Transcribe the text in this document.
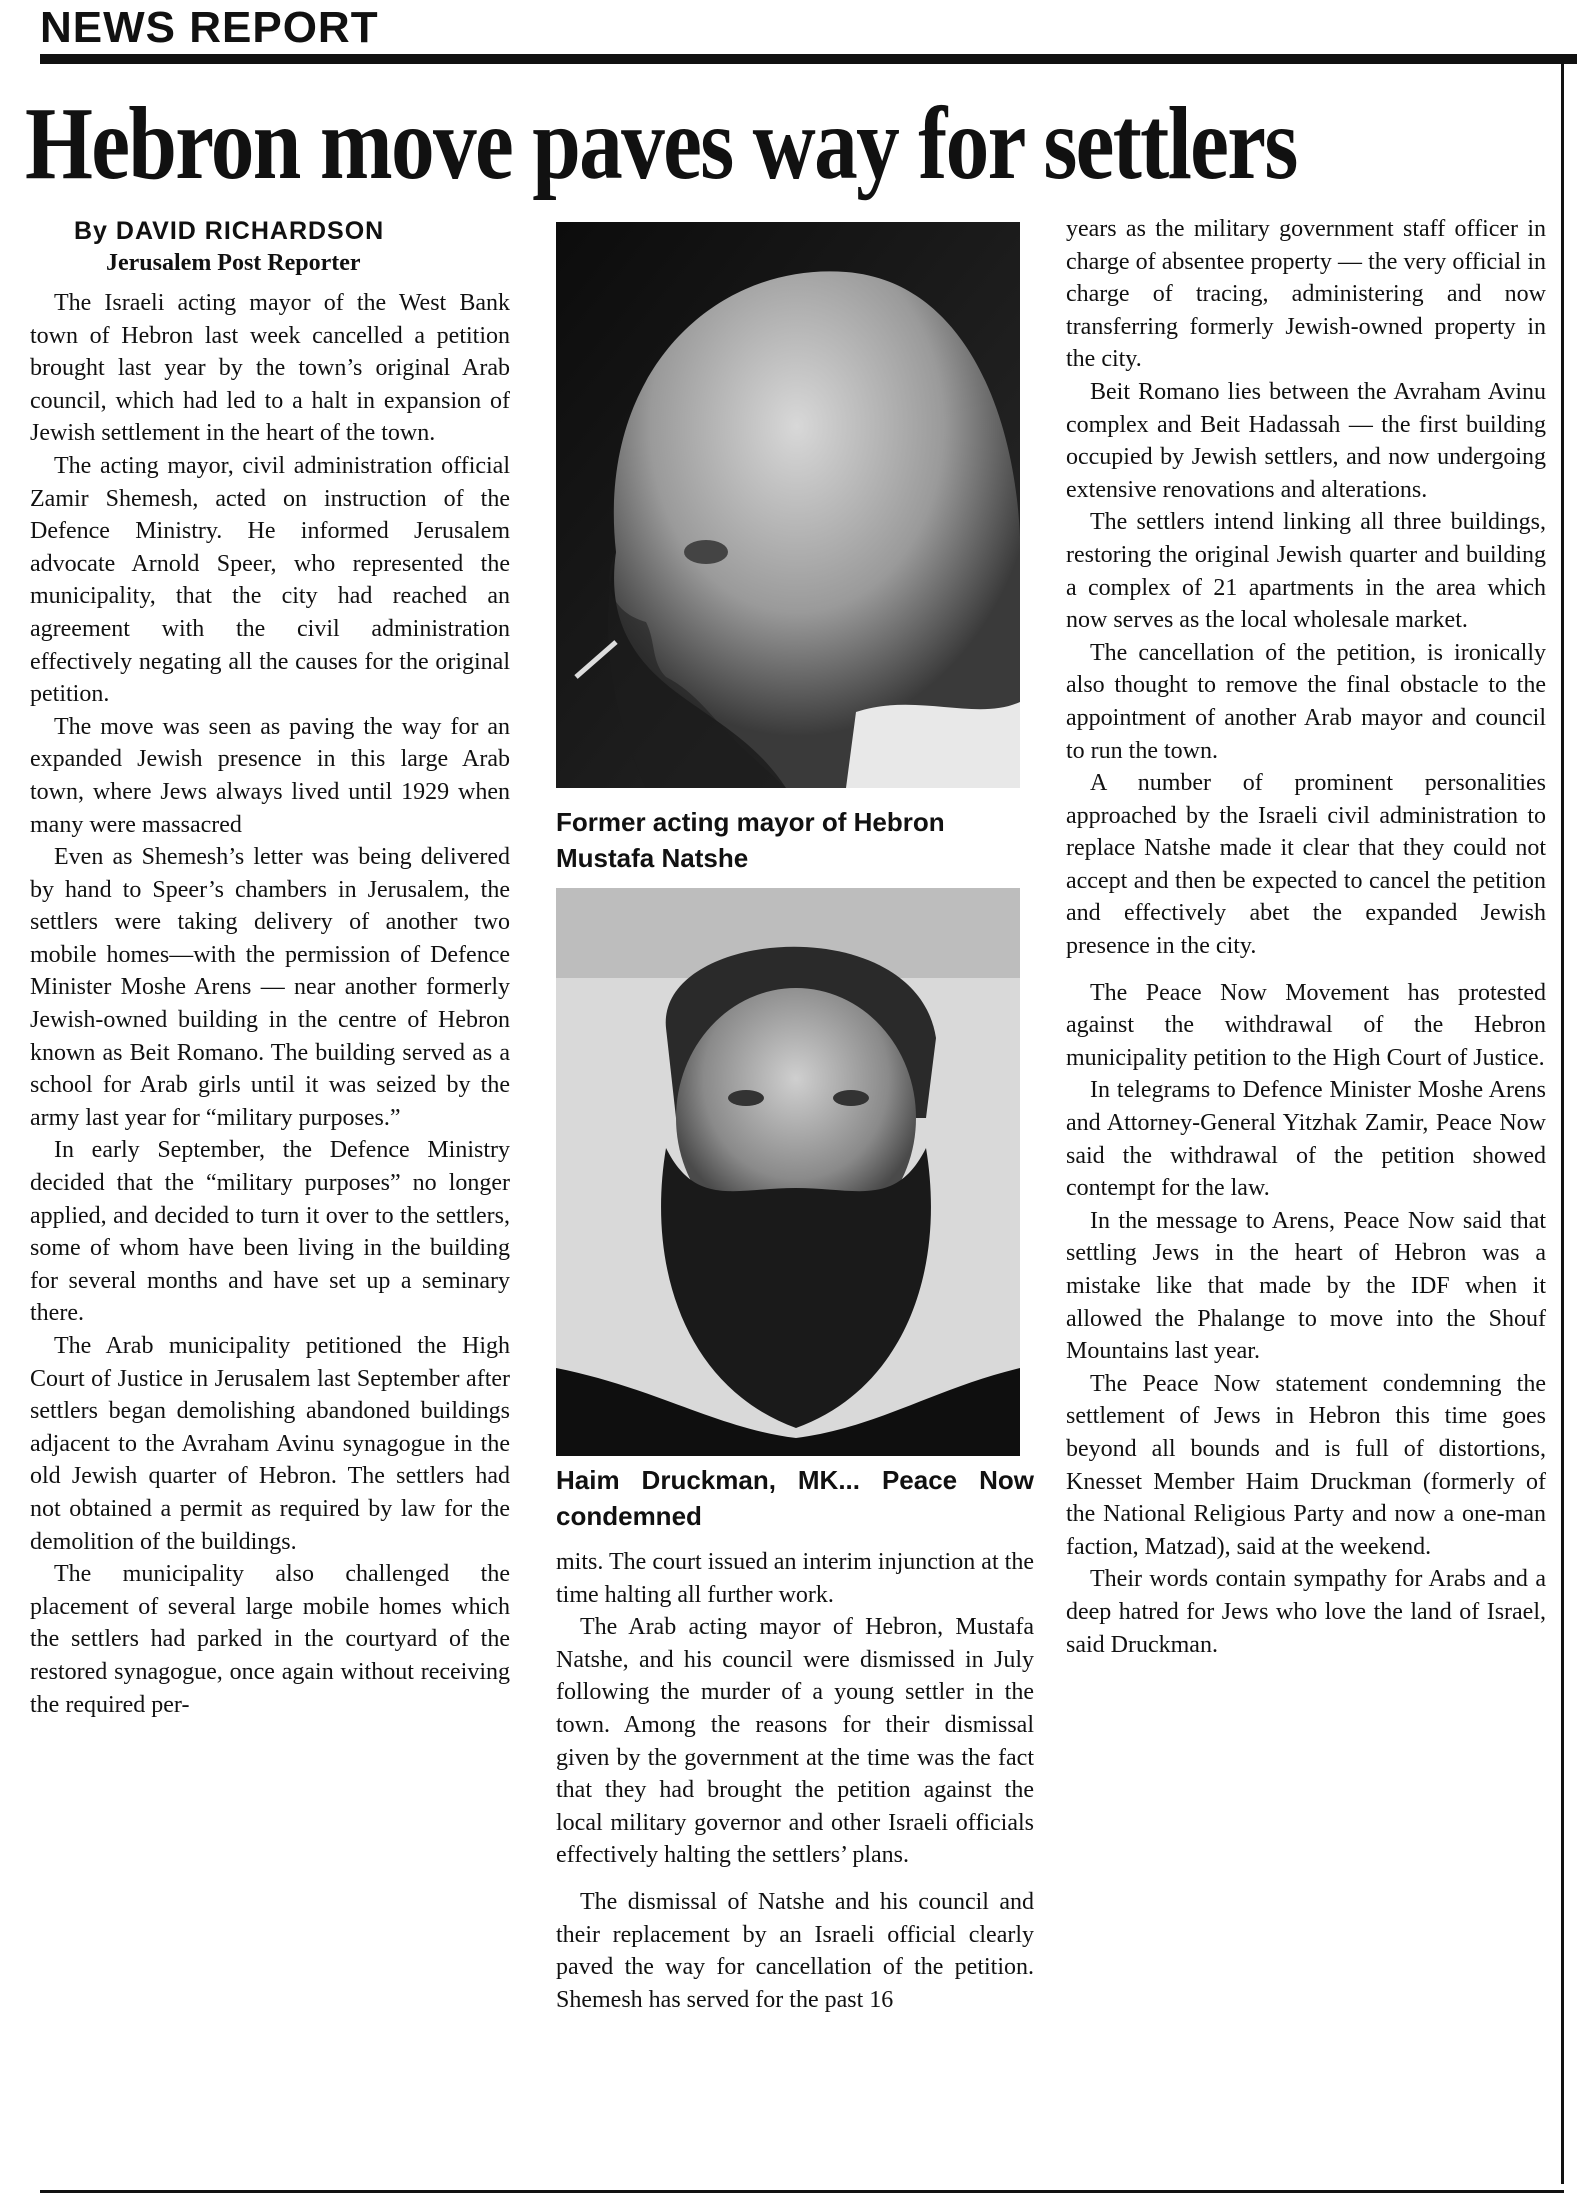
NEWS REPORT
Hebron move paves way for settlers
By DAVID RICHARDSON
Jerusalem Post Reporter

The Israeli acting mayor of the West Bank town of Hebron last week cancelled a petition brought last year by the town’s original Arab council, which had led to a halt in expansion of Jewish settlement in the heart of the town.

The acting mayor, civil administration official Zamir Shemesh, acted on instruction of the Defence Ministry. He informed Jerusalem advocate Arnold Speer, who represented the municipality, that the city had reached an agreement with the civil administration effectively negating all the causes for the original petition.

The move was seen as paving the way for an expanded Jewish presence in this large Arab town, where Jews always lived until 1929 when many were massacred

Even as Shemesh’s letter was being delivered by hand to Speer’s chambers in Jerusalem, the settlers were taking delivery of another two mobile homes—with the permission of Defence Minister Moshe Arens — near another formerly Jewish-owned building in the centre of Hebron known as Beit Romano. The building served as a school for Arab girls until it was seized by the army last year for “military purposes.”

In early September, the Defence Ministry decided that the “military purposes” no longer applied, and decided to turn it over to the settlers, some of whom have been living in the building for several months and have set up a seminary there.

The Arab municipality petitioned the High Court of Justice in Jerusalem last September after settlers began demolishing abandoned buildings adjacent to the Avraham Avinu synagogue in the old Jewish quarter of Hebron. The settlers had not obtained a permit as required by law for the demolition of the buildings.

The municipality also challenged the placement of several large mobile homes which the settlers had parked in the courtyard of the restored synagogue, once again without receiving the required per-

Former acting mayor of Hebron Mustafa Natshe
Haim Druckman, MK... Peace Now condemned

mits. The court issued an interim injunction at the time halting all further work.

The Arab acting mayor of Hebron, Mustafa Natshe, and his council were dismissed in July following the murder of a young settler in the town. Among the reasons for their dismissal given by the government at the time was the fact that they had brought the petition against the local military governor and other Israeli officials effectively halting the settlers’ plans.

The dismissal of Natshe and his council and their replacement by an Israeli official clearly paved the way for cancellation of the petition. Shemesh has served for the past 16

years as the military government staff officer in charge of absentee property — the very official in charge of tracing, administering and now transferring formerly Jewish-owned property in the city.

Beit Romano lies between the Avraham Avinu complex and Beit Hadassah — the first building occupied by Jewish settlers, and now undergoing extensive renovations and alterations.

The settlers intend linking all three buildings, restoring the original Jewish quarter and building a complex of 21 apartments in the area which now serves as the local wholesale market.

The cancellation of the petition, is ironically also thought to remove the final obstacle to the appointment of another Arab mayor and council to run the town.

A number of prominent personalities approached by the Israeli civil administration to replace Natshe made it clear that they could not accept and then be expected to cancel the petition and effectively abet the expanded Jewish presence in the city.

The Peace Now Movement has protested against the withdrawal of the Hebron municipality petition to the High Court of Justice.

In telegrams to Defence Minister Moshe Arens and Attorney-General Yitzhak Zamir, Peace Now said the withdrawal of the petition showed contempt for the law.

In the message to Arens, Peace Now said that settling Jews in the heart of Hebron was a mistake like that made by the IDF when it allowed the Phalange to move into the Shouf Mountains last year.

The Peace Now statement condemning the settlement of Jews in Hebron this time goes beyond all bounds and is full of distortions, Knesset Member Haim Druckman (formerly of the National Religious Party and now a one-man faction, Matzad), said at the weekend.

Their words contain sympathy for Arabs and a deep hatred for Jews who love the land of Israel, said Druckman.
